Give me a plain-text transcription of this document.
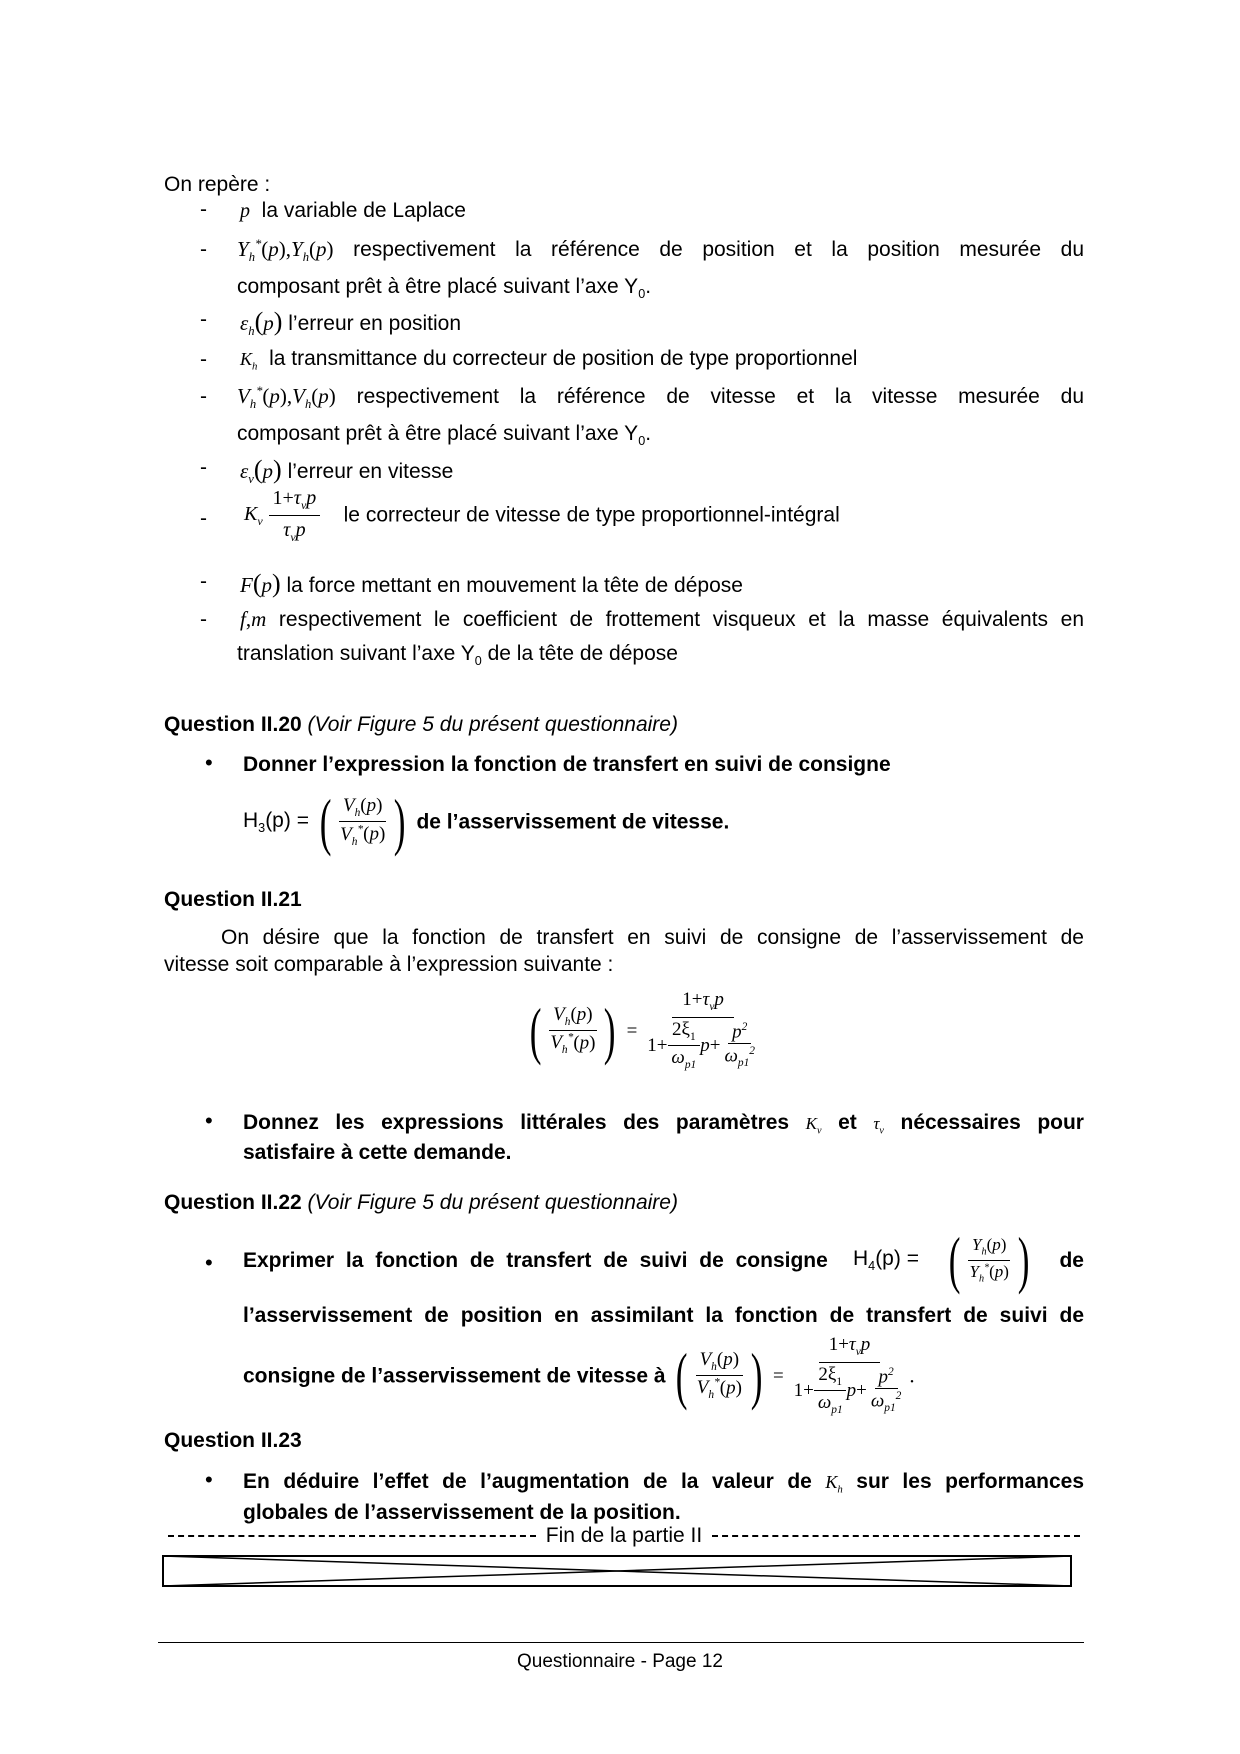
On repère :
- p la variable de Laplace
- $Y_h^*(p),Y_h(p)$ respectivement la référence de position et la position mesurée du
composant prêt à être placé suivant l’axe $Y_0$.
- $\varepsilon_h(p)$ l’erreur en position
- $K_h$ la transmittance du correcteur de position de type proportionnel
- $V_h^*(p),V_h(p)$ respectivement la référence de vitesse et la vitesse mesurée du
composant prêt à être placé suivant l’axe $Y_0$.
- $\varepsilon_v(p)$ l’erreur en vitesse
- $K_v \frac{1+\tau_vp}{\tau_vp}$ le correcteur de vitesse de type proportionnel-intégral
- F(p) la force mettant en mouvement la tête de dépose
- f,m respectivement le coefficient de frottement visqueux et la masse équivalents en
translation suivant l’axe $Y_0$ de la tête de dépose
Question II.20 (Voir Figure 5 du présent questionnaire)
• Donner l’expression la fonction de transfert en suivi de consigne
$H_3(p)$ = ( $\frac{V_h(p)}{V_h^*(p)}$ ) de l’asservissement de vitesse.
Question II.21
On désire que la fonction de transfert en suivi de consigne de l’asservissement de
vitesse soit comparable à l’expression suivante :
( $\frac{V_h(p)}{V_h^*(p)}$ ) = $\frac{1+\tau_vp}{1+ \frac{2\xi_1}{\omega_{p1}} p + \frac{p^2}{\omega_{p1}^2}}$
• Donnez les expressions littérales des paramètres $K_v$ et $\tau_v$ nécessaires pour
satisfaire à cette demande.
Question II.22 (Voir Figure 5 du présent questionnaire)
• Exprimer la fonction de transfert de suivi de consigne $H_4(p)$ = ( $\frac{Y_h(p)}{Y_h^*(p)}$ ) de
l’asservissement de position en assimilant la fonction de transfert de suivi de
consigne de l’asservissement de vitesse à ( $\frac{V_h(p)}{V_h^*(p)}$ ) = $\frac{1+\tau_vp}{1+ \frac{2\xi_1}{\omega_{p1}} p + \frac{p^2}{\omega_{p1}^2}}$ .
Question II.23
• En déduire l’effet de l’augmentation de la valeur de $K_h$ sur les performances
globales de l’asservissement de la position.
Fin de la partie II
Questionnaire - Page 12
